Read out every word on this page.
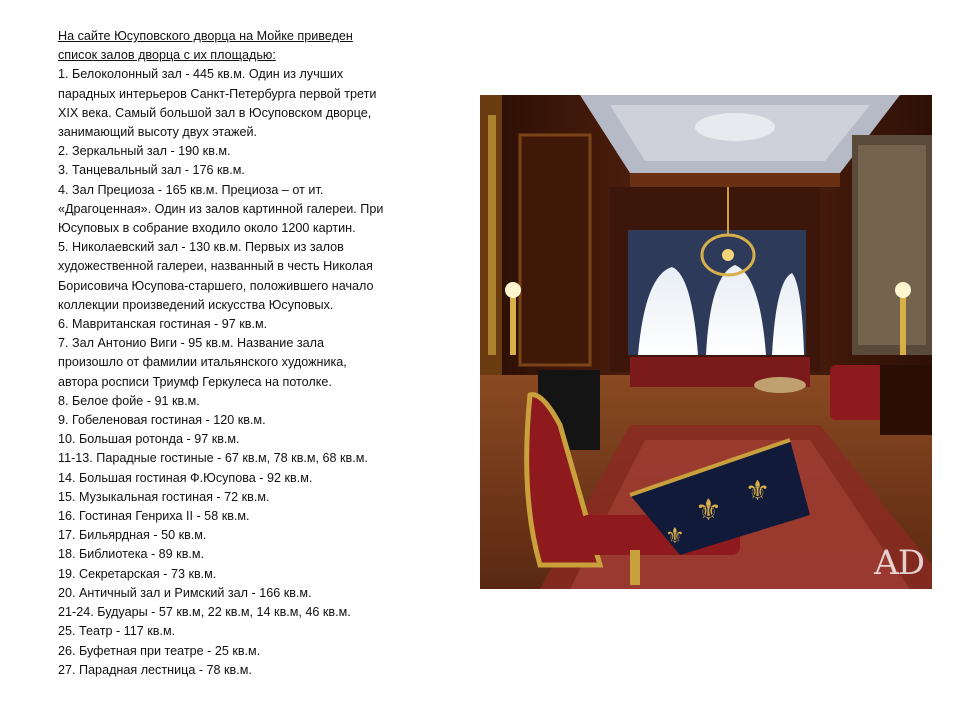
На сайте Юсуповского дворца на Мойке приведен
список залов дворца с их площадью:
1. Белоколонный зал - 445 кв.м. Один из лучших
парадных интерьеров Санкт-Петербурга первой трети
XIX века. Самый большой зал в Юсуповском дворце,
занимающий высоту двух этажей.
2. Зеркальный зал - 190 кв.м.
3. Танцевальный зал - 176 кв.м.
4. Зал Прециоза - 165 кв.м. Прециоза – от ит.
«Драгоценная». Один из залов картинной галереи. При
Юсуповых в собрание входило около 1200 картин.
5. Николаевский зал - 130 кв.м. Первых из залов
художественной галереи, названный в честь Николая
Борисовича Юсупова-старшего, положившего начало
коллекции произведений искусства Юсуповых.
6. Мавританская гостиная - 97 кв.м.
7. Зал Антонио Виги - 95 кв.м. Название зала
произошло от фамилии итальянского художника,
автора росписи Триумф Геркулеса на потолке.
8. Белое фойе - 91 кв.м.
9. Гобеленовая гостиная - 120 кв.м.
10. Большая ротонда - 97 кв.м.
11-13. Парадные гостиные - 67 кв.м, 78 кв.м, 68 кв.м.
14. Большая гостиная Ф.Юсупова - 92 кв.м.
15. Музыкальная гостиная - 72 кв.м.
16. Гостиная Генриха II - 58 кв.м.
17. Бильярдная - 50 кв.м.
18. Библиотека - 89 кв.м.
19. Секретарская - 73 кв.м.
20. Античный зал и Римский зал - 166 кв.м.
21-24. Будуары - 57 кв.м, 22 кв.м, 14 кв.м, 46 кв.м.
25. Театр - 117 кв.м.
26. Буфетная при театре - 25 кв.м.
27. Парадная лестница - 78 кв.м.
⚜
⚜
⚜
AD
